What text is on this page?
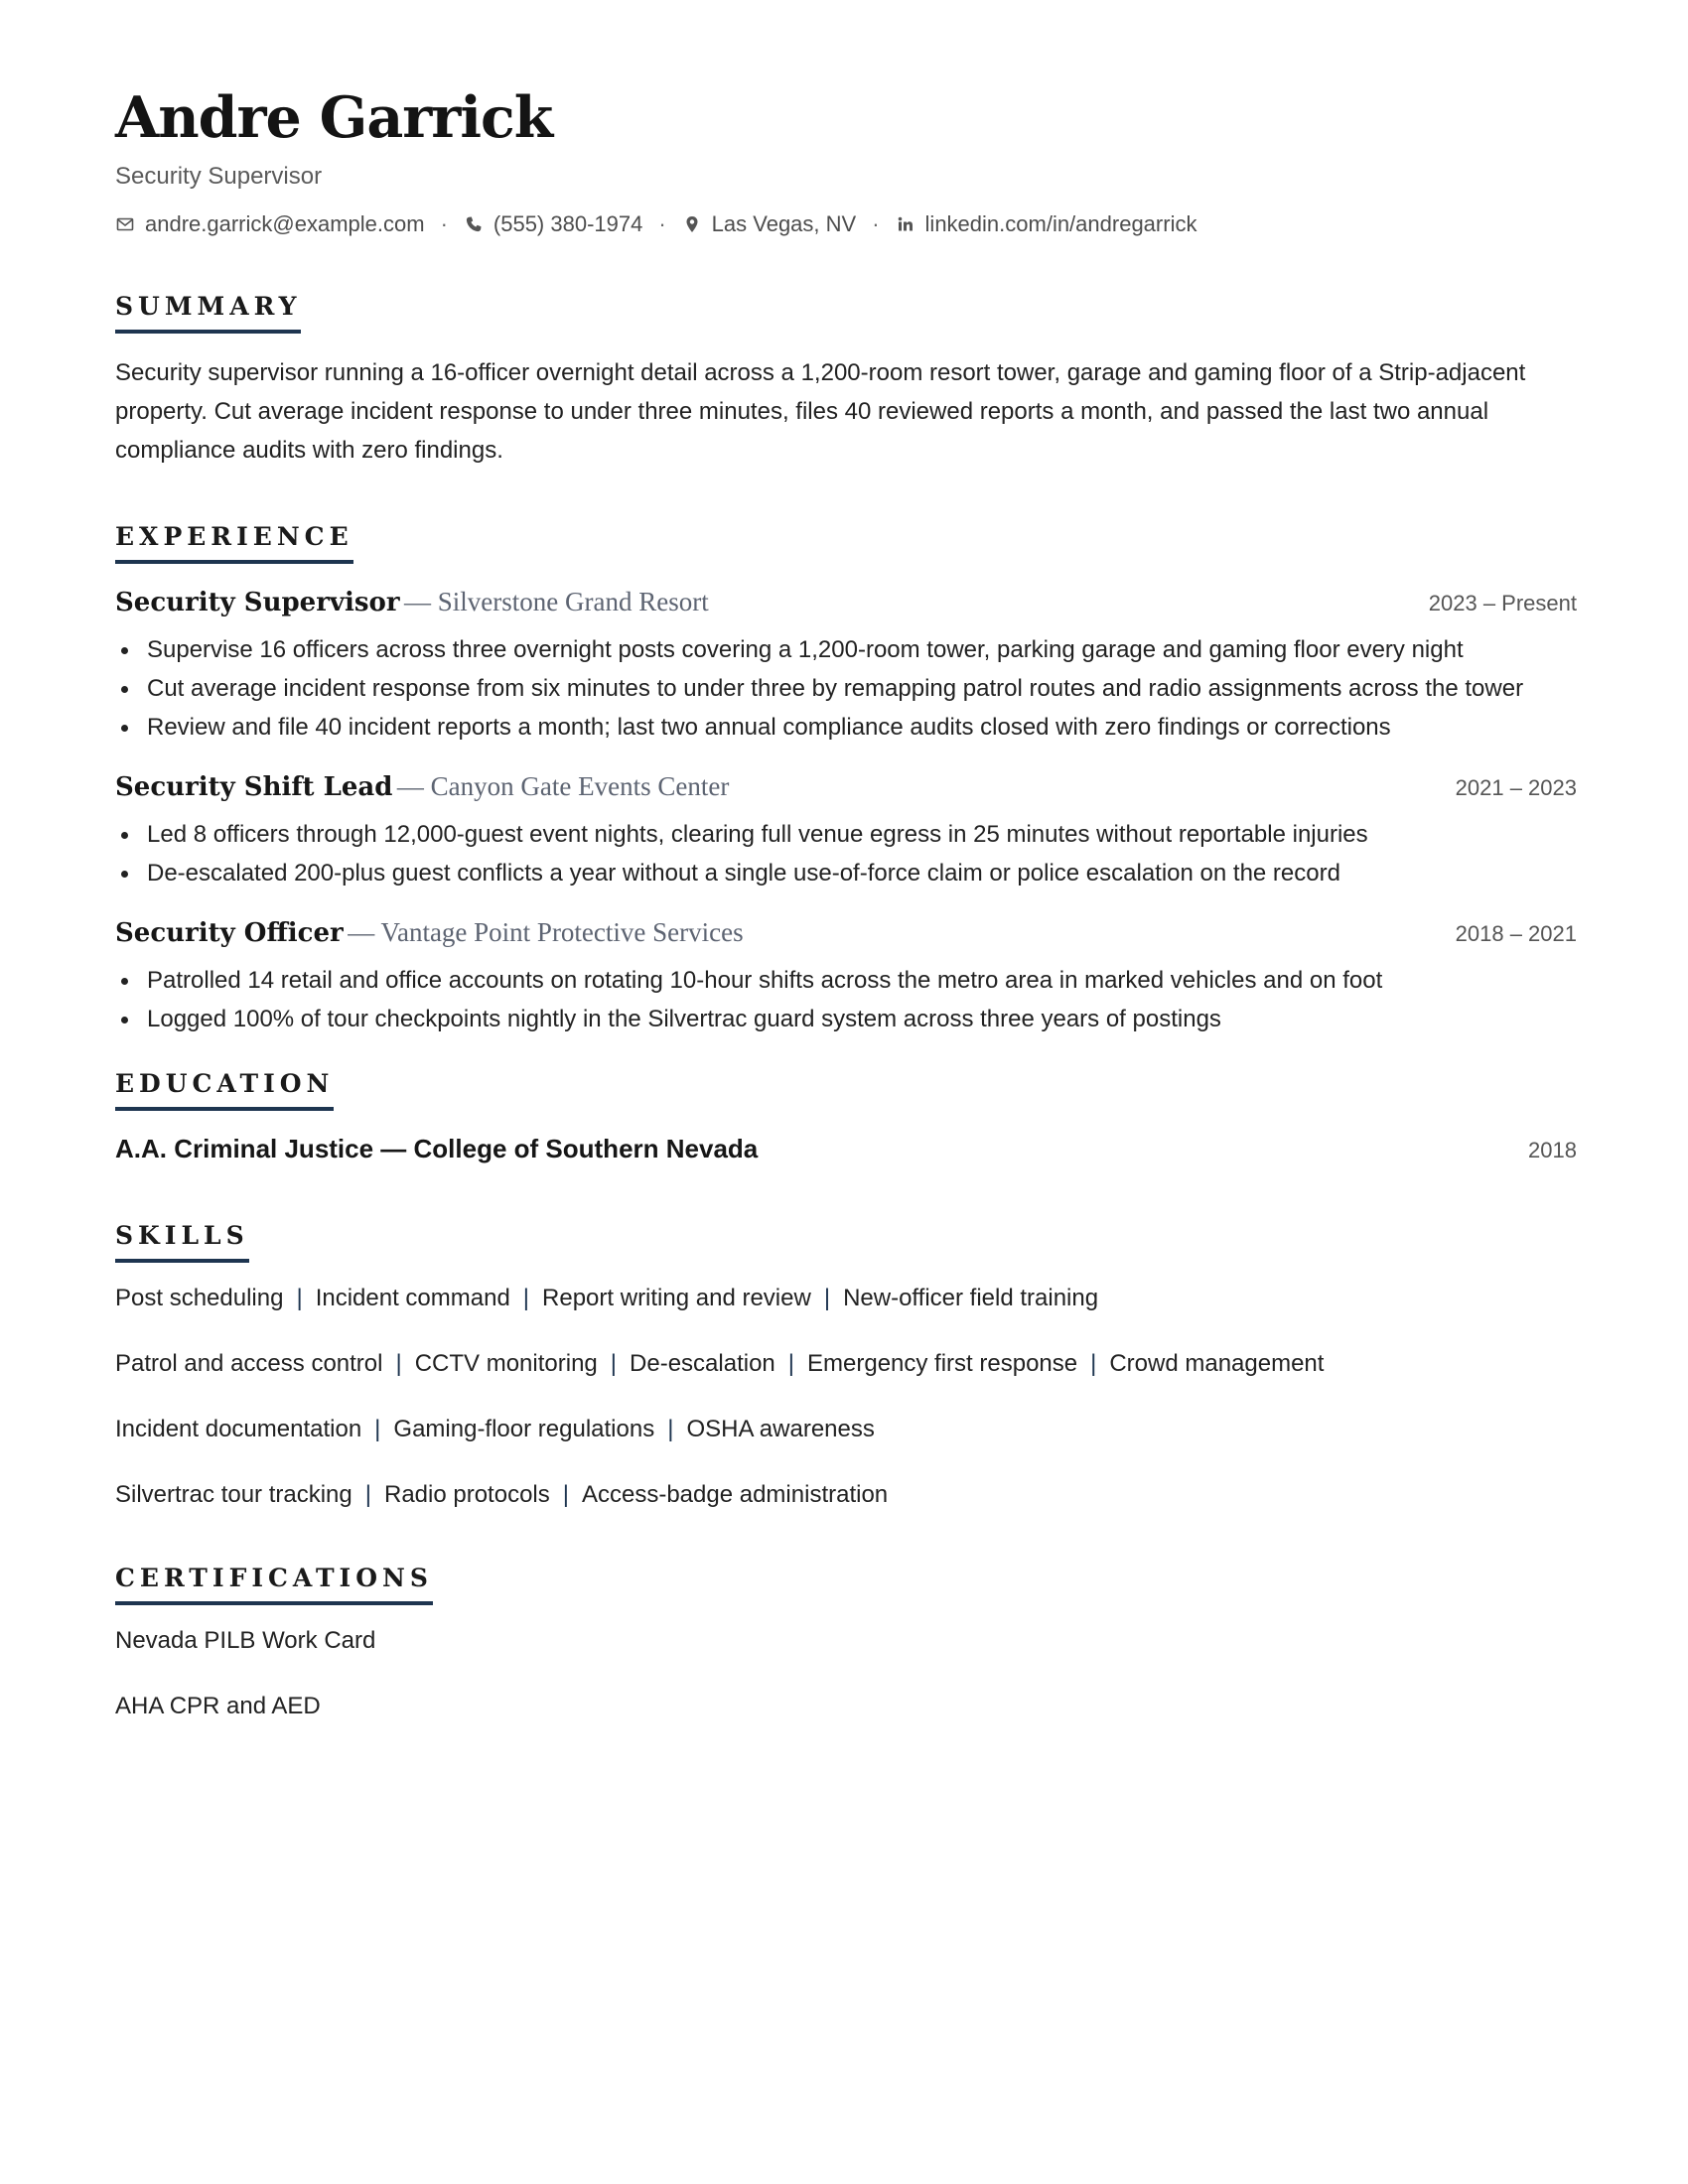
Andre Garrick
Security Supervisor
andre.garrick@example.com · (555) 380-1974 · Las Vegas, NV · linkedin.com/in/andregarrick
SUMMARY
Security supervisor running a 16-officer overnight detail across a 1,200-room resort tower, garage and gaming floor of a Strip-adjacent property. Cut average incident response to under three minutes, files 40 reviewed reports a month, and passed the last two annual compliance audits with zero findings.
EXPERIENCE
Security Supervisor — Silverstone Grand Resort	2023 – Present
Supervise 16 officers across three overnight posts covering a 1,200-room tower, parking garage and gaming floor every night
Cut average incident response from six minutes to under three by remapping patrol routes and radio assignments across the tower
Review and file 40 incident reports a month; last two annual compliance audits closed with zero findings or corrections
Security Shift Lead — Canyon Gate Events Center	2021 – 2023
Led 8 officers through 12,000-guest event nights, clearing full venue egress in 25 minutes without reportable injuries
De-escalated 200-plus guest conflicts a year without a single use-of-force claim or police escalation on the record
Security Officer — Vantage Point Protective Services	2018 – 2021
Patrolled 14 retail and office accounts on rotating 10-hour shifts across the metro area in marked vehicles and on foot
Logged 100% of tour checkpoints nightly in the Silvertrac guard system across three years of postings
EDUCATION
A.A. Criminal Justice — College of Southern Nevada	2018
SKILLS
Post scheduling | Incident command | Report writing and review | New-officer field training
Patrol and access control | CCTV monitoring | De-escalation | Emergency first response | Crowd management
Incident documentation | Gaming-floor regulations | OSHA awareness
Silvertrac tour tracking | Radio protocols | Access-badge administration
CERTIFICATIONS
Nevada PILB Work Card
AHA CPR and AED
